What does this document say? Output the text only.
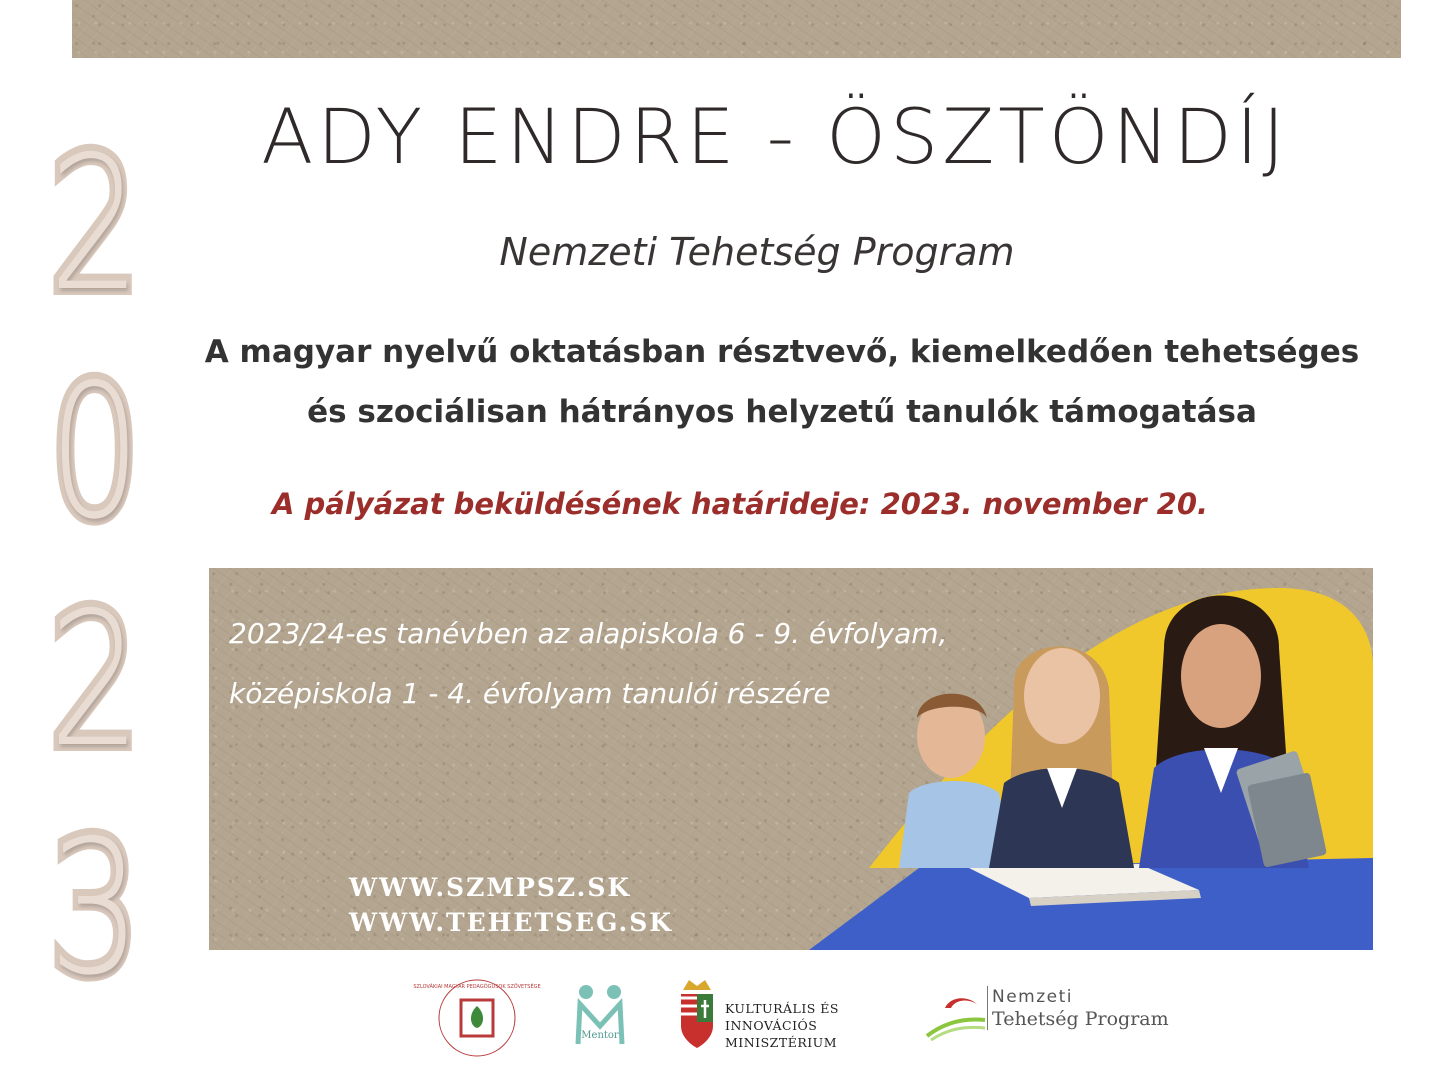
2
0
2
3
ADY ENDRE - ÖSZTÖNDÍJ
Nemzeti Tehetség Program
A magyar nyelvű oktatásban résztvevő, kiemelkedően tehetséges
és szociálisan hátrányos helyzetű tanulók támogatása
A pályázat beküldésének határideje: 2023. november 20.
2023/24-es tanévben az alapiskola 6 - 9. évfolyam,
középiskola 1 - 4. évfolyam tanulói részére
WWW.SZMPSZ.SK
WWW.TEHETSEG.SK
SZLOVÁKIAI MAGYAR PEDAGÓGUSOK SZÖVETSÉGE
Mentor
KULTURÁLIS ÉS INNOVÁCIÓS
MINISZTÉRIUM
Nemzeti
Tehetség Program
